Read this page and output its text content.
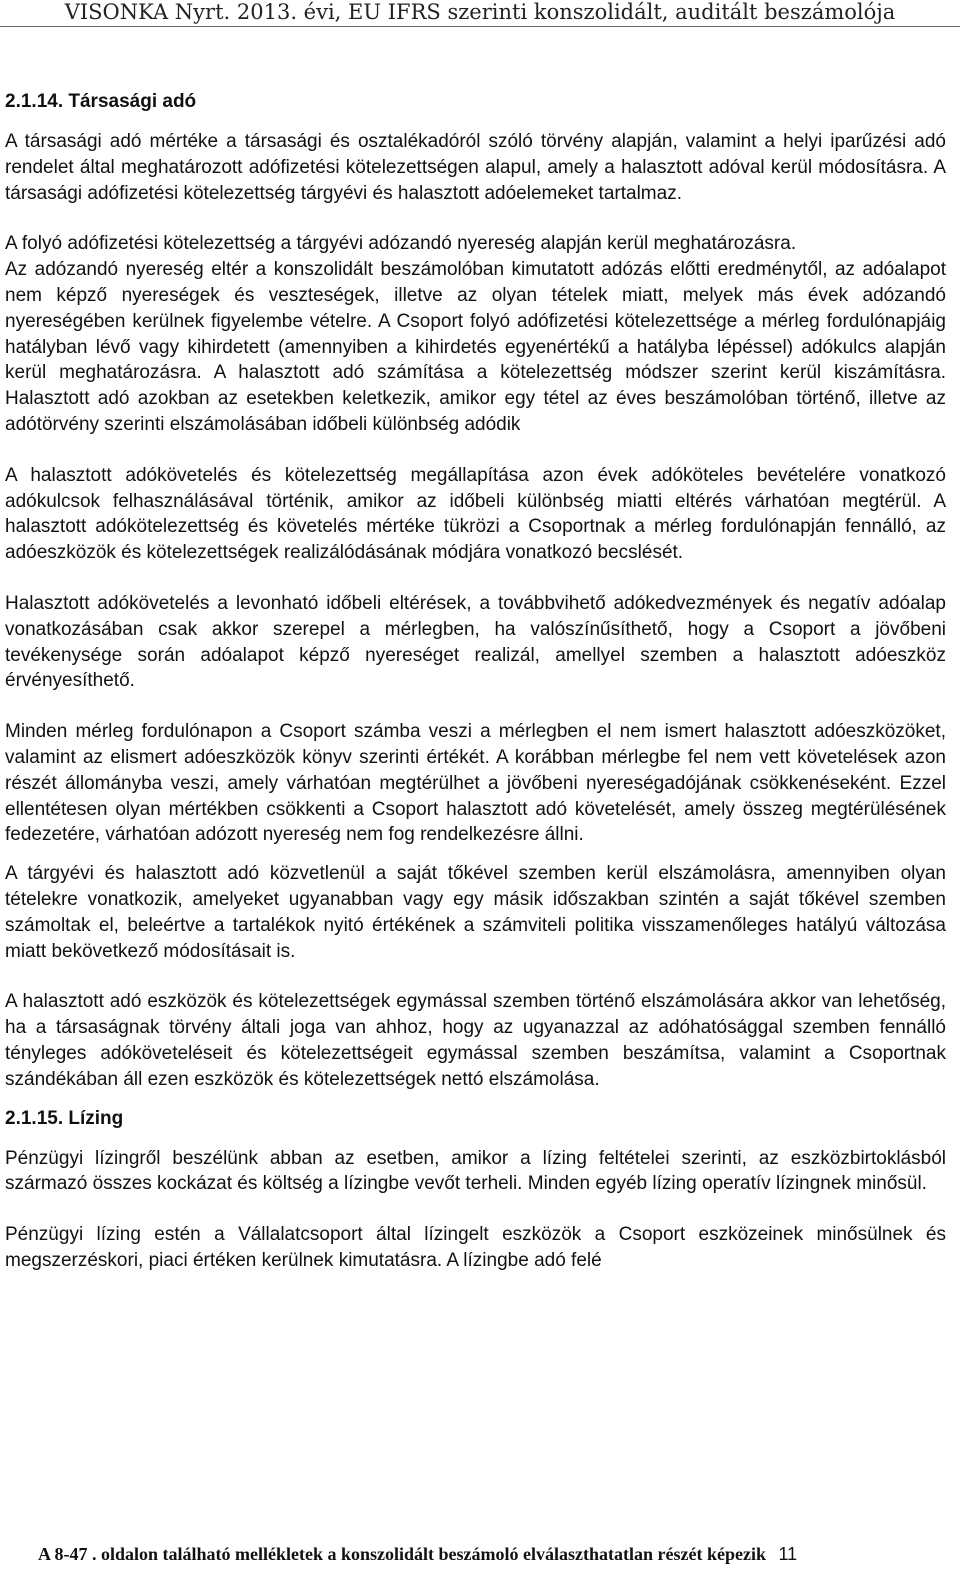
VISONKA Nyrt. 2013. évi, EU IFRS szerinti konszolidált, auditált beszámolója
2.1.14. Társasági adó

A társasági adó mértéke a társasági és osztalékadóról szóló törvény alapján, valamint a helyi iparűzési adó rendelet által meghatározott adófizetési kötelezettségen alapul, amely a halasztott adóval kerül módosításra. A társasági adófizetési kötelezettség tárgyévi és halasztott adóelemeket tartalmaz.

A folyó adófizetési kötelezettség a tárgyévi adózandó nyereség alapján kerül meghatározásra.

Az adózandó nyereség eltér a konszolidált beszámolóban kimutatott adózás előtti eredménytől, az adóalapot nem képző nyereségek és veszteségek, illetve az olyan tételek miatt, melyek más évek adózandó nyereségében kerülnek figyelembe vételre. A Csoport folyó adófizetési kötelezettsége a mérleg fordulónapjáig hatályban lévő vagy kihirdetett (amennyiben a kihirdetés egyenértékű a hatályba lépéssel) adókulcs alapján kerül meghatározásra. A halasztott adó számítása a kötelezettség módszer szerint kerül kiszámításra. Halasztott adó azokban az esetekben keletkezik, amikor egy tétel az éves beszámolóban történő, illetve az adótörvény szerinti elszámolásában időbeli különbség adódik

A halasztott adókövetelés és kötelezettség megállapítása azon évek adóköteles bevételére vonatkozó adókulcsok felhasználásával történik, amikor az időbeli különbség miatti eltérés várhatóan megtérül. A halasztott adókötelezettség és követelés mértéke tükrözi a Csoportnak a mérleg fordulónapján fennálló, az adóeszközök és kötelezettségek realizálódásának módjára vonatkozó becslését.

Halasztott adókövetelés a levonható időbeli eltérések, a továbbvihető adókedvezmények és negatív adóalap vonatkozásában csak akkor szerepel a mérlegben, ha valószínűsíthető, hogy a Csoport a jövőbeni tevékenysége során adóalapot képző nyereséget realizál, amellyel szemben a halasztott adóeszköz érvényesíthető.

Minden mérleg fordulónapon a Csoport számba veszi a mérlegben el nem ismert halasztott adóeszközöket, valamint az elismert adóeszközök könyv szerinti értékét. A korábban mérlegbe fel nem vett követelések azon részét állományba veszi, amely várhatóan megtérülhet a jövőbeni nyereségadójának csökkenéseként. Ezzel ellentétesen olyan mértékben csökkenti a Csoport halasztott adó követelését, amely összeg megtérülésének fedezetére, várhatóan adózott nyereség nem fog rendelkezésre állni.

A tárgyévi és halasztott adó közvetlenül a saját tőkével szemben kerül elszámolásra, amennyiben olyan tételekre vonatkozik, amelyeket ugyanabban vagy egy másik időszakban szintén a saját tőkével szemben számoltak el, beleértve a tartalékok nyitó értékének a számviteli politika visszamenőleges hatályú változása miatt bekövetkező módosításait is.

A halasztott adó eszközök és kötelezettségek egymással szemben történő elszámolására akkor van lehetőség, ha a társaságnak törvény általi joga van ahhoz, hogy az ugyanazzal az adóhatósággal szemben fennálló tényleges adóköveteléseit és kötelezettségeit egymással szemben beszámítsa, valamint a Csoportnak szándékában áll ezen eszközök és kötelezettségek nettó elszámolása.

2.1.15. Lízing

Pénzügyi lízingről beszélünk abban az esetben, amikor a lízing feltételei szerinti, az eszközbirtoklásból származó összes kockázat és költség a lízingbe vevőt terheli. Minden egyéb lízing operatív lízingnek minősül.

Pénzügyi lízing estén a Vállalatcsoport által lízingelt eszközök a Csoport eszközeinek minősülnek és megszerzéskori, piaci értéken kerülnek kimutatásra. A lízingbe adó felé

A 8-47 . oldalon található mellékletek a konszolidált beszámoló elválaszthatatlan részét képezik 11
